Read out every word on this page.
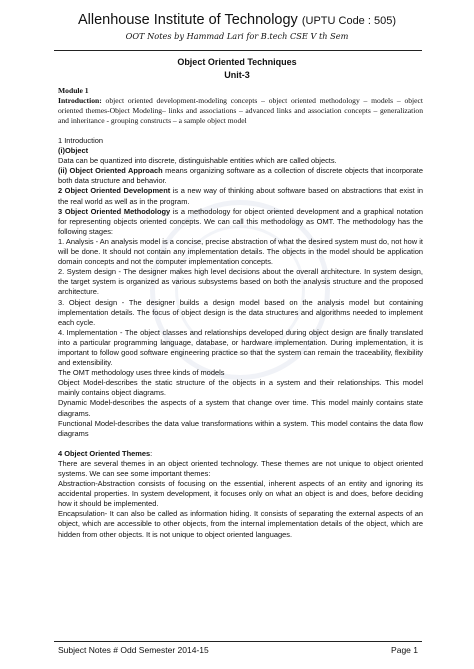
Allenhouse Institute of Technology (UPTU Code : 505)
OOT Notes by Hammad Lari for B.tech CSE V th Sem
Object Oriented Techniques
Unit-3

Module 1

Introduction: object oriented development-modeling concepts – object oriented methodology – models – object oriented themes-Object Modeling– links and associations – advanced links and association concepts – generalization and inheritance - grouping constructs – a sample object model

1 Introduction

(i)Object

Data can be quantized into discrete, distinguishable entities which are called objects.

(ii) Object Oriented Approach means organizing software as a collection of discrete objects that incorporate both data structure and behavior.

2 Object Oriented Development is a new way of thinking about software based on abstractions that exist in the real world as well as in the program.

3 Object Oriented Methodology is a methodology for object oriented development and a graphical notation for representing objects oriented concepts. We can call this methodology as OMT. The methodology has the following stages:

1. Analysis - An analysis model is a concise, precise abstraction of what the desired system must do, not how it will be done. It should not contain any implementation details. The objects in the model should be application domain concepts and not the computer implementation concepts.

2. System design - The designer makes high level decisions about the overall architecture. In system design, the target system is organized as various subsystems based on both the analysis structure and the proposed architecture.

3. Object design - The designer builds a design model based on the analysis model but containing implementation details. The focus of object design is the data structures and algorithms needed to implement each cycle.

4. Implementation - The object classes and relationships developed during object design are finally translated into a particular programming language, database, or hardware implementation. During implementation, it is important to follow good software engineering practice so that the system can remain the traceability, flexibility and extensibility.

The OMT methodology uses three kinds of models

Object Model-describes the static structure of the objects in a system and their relationships. This model mainly contains object diagrams.

Dynamic Model-describes the aspects of a system that change over time. This model mainly contains state diagrams.

Functional Model-describes the data value transformations within a system. This model contains the data flow diagrams

4 Object Oriented Themes:

There are several themes in an object oriented technology. These themes are not unique to object oriented systems. We can see some important themes:

Abstraction-Abstraction consists of focusing on the essential, inherent aspects of an entity and ignoring its accidental properties. In system development, it focuses only on what an object is and does, before deciding how it should be implemented.

Encapsulation- It can also be called as information hiding. It consists of separating the external aspects of an object, which are accessible to other objects, from the internal implementation details of the object, which are hidden from other objects. It is not unique to object oriented languages.

Subject Notes # Odd Semester 2014-15	Page 1
